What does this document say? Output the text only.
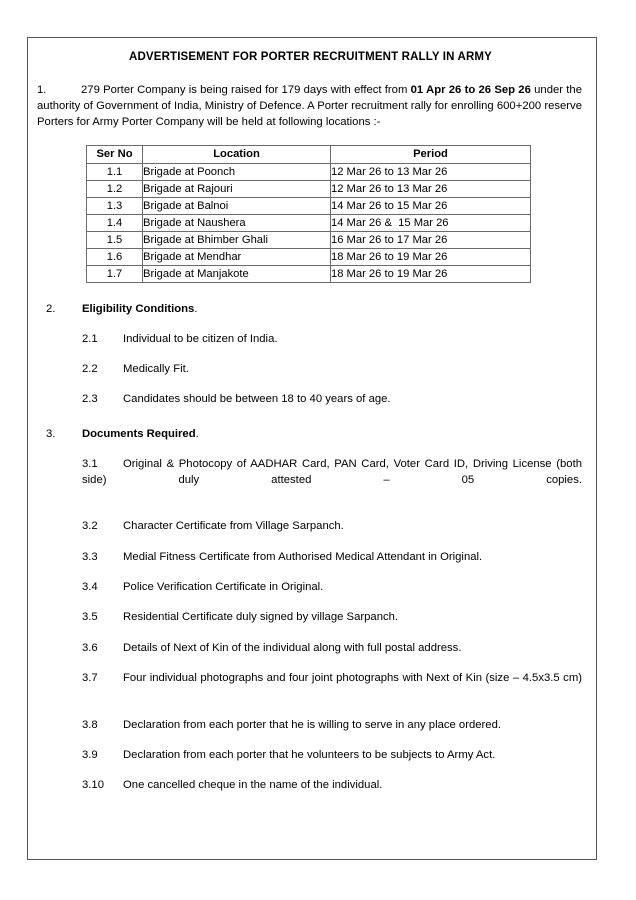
ADVERTISEMENT FOR PORTER RECRUITMENT RALLY IN ARMY

1.	279 Porter Company is being raised for 179 days with effect from 01 Apr 26 to 26 Sep 26 under the authority of Government of India, Ministry of Defence. A Porter recruitment rally for enrolling 600+200 reserve Porters for Army Porter Company will be held at following locations :-

Ser No	Location	Period
1.1	Brigade at Poonch	12 Mar 26 to 13 Mar 26
1.2	Brigade at Rajouri	12 Mar 26 to 13 Mar 26
1.3	Brigade at Balnoi	14 Mar 26 to 15 Mar 26
1.4	Brigade at Naushera	14 Mar 26 &  15 Mar 26
1.5	Brigade at Bhimber Ghali	16 Mar 26 to 17 Mar 26
1.6	Brigade at Mendhar	18 Mar 26 to 19 Mar 26
1.7	Brigade at Manjakote	18 Mar 26 to 19 Mar 26
2. Eligibility Conditions.

2.1 Individual to be citizen of India.

2.2 Medically Fit.

2.3 Candidates should be between 18 to 40 years of age.

3. Documents Required.

3.1 Original & Photocopy of AADHAR Card, PAN Card, Voter Card ID, Driving License (both side) duly attested – 05 copies.

3.2 Character Certificate from Village Sarpanch.

3.3 Medial Fitness Certificate from Authorised Medical Attendant in Original.

3.4 Police Verification Certificate in Original.

3.5 Residential Certificate duly signed by village Sarpanch.

3.6 Details of Next of Kin of the individual along with full postal address.

3.7 Four individual photographs and four joint photographs with Next of Kin (size – 4.5x3.5 cm)

3.8 Declaration from each porter that he is willing to serve in any place ordered.

3.9 Declaration from each porter that he volunteers to be subjects to Army Act.

3.10 One cancelled cheque in the name of the individual.
